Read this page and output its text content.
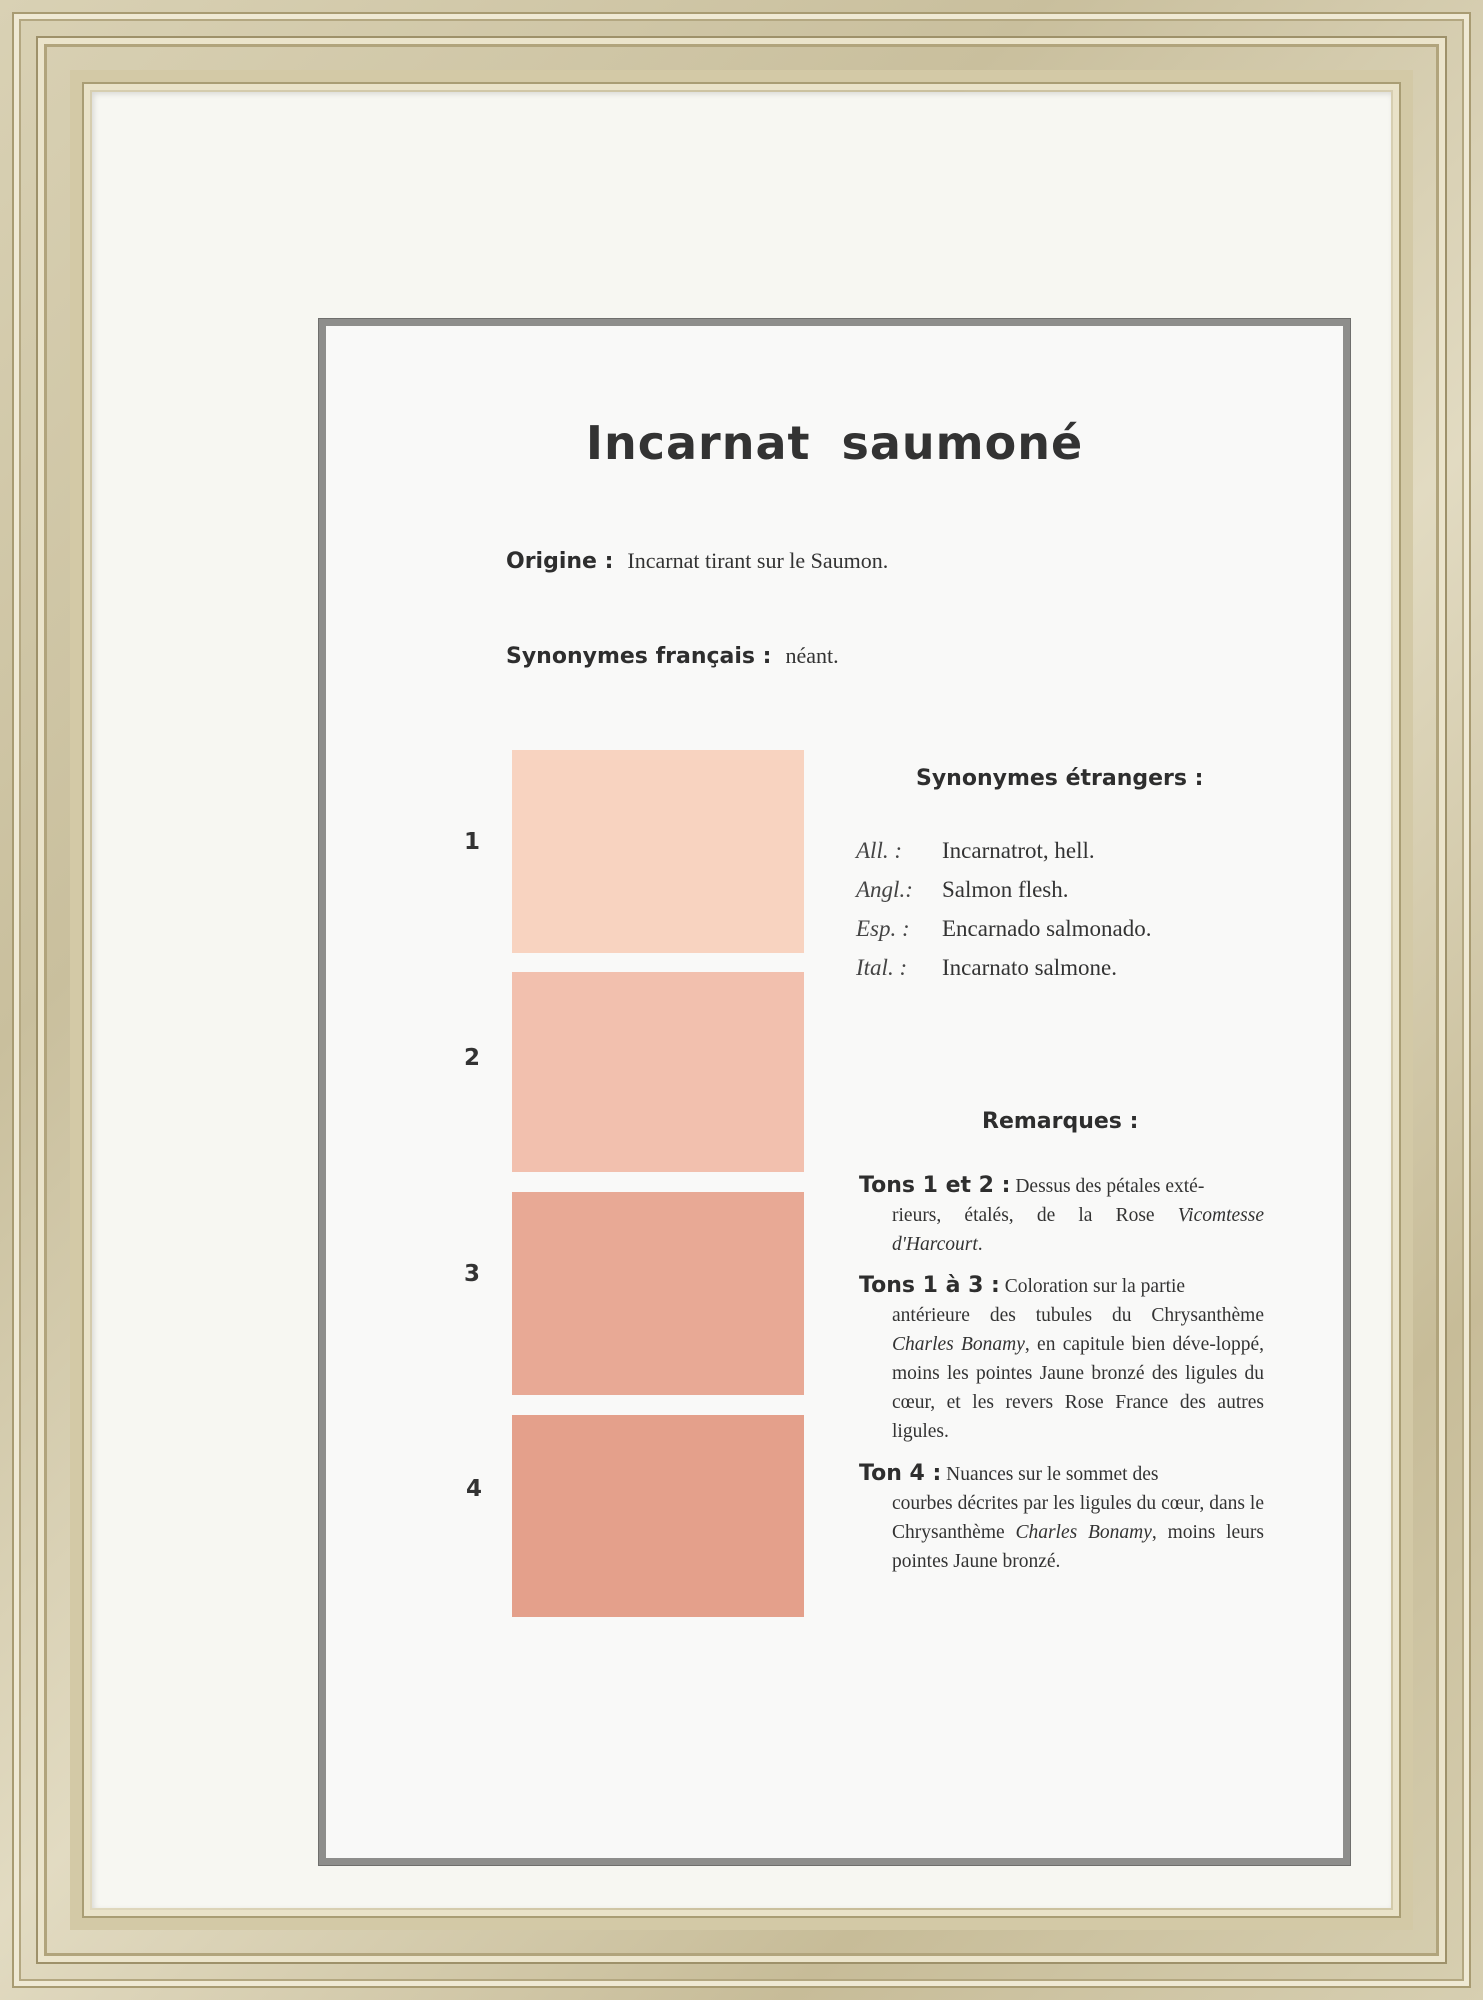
Incarnat saumoné
Origine : Incarnat tirant sur le Saumon.
Synonymes français : néant.
1
2
3
4
Synonymes étrangers :
All. : Incarnatrot, hell.
Angl.: Salmon flesh.
Esp. : Encarnado salmonado.
Ital. : Incarnato salmone.
Remarques :
Tons 1 et 2 : Dessus des pétales exté-
rieurs, étalés, de la Rose Vicomtesse d'Harcourt.
Tons 1 à 3 : Coloration sur la partie
antérieure des tubules du Chrysanthème Charles Bonamy, en capitule bien déve-loppé, moins les pointes Jaune bronzé des ligules du cœur, et les revers Rose France des autres ligules.
Ton 4 : Nuances sur le sommet des
courbes décrites par les ligules du cœur, dans le Chrysanthème Charles Bonamy, moins leurs pointes Jaune bronzé.
